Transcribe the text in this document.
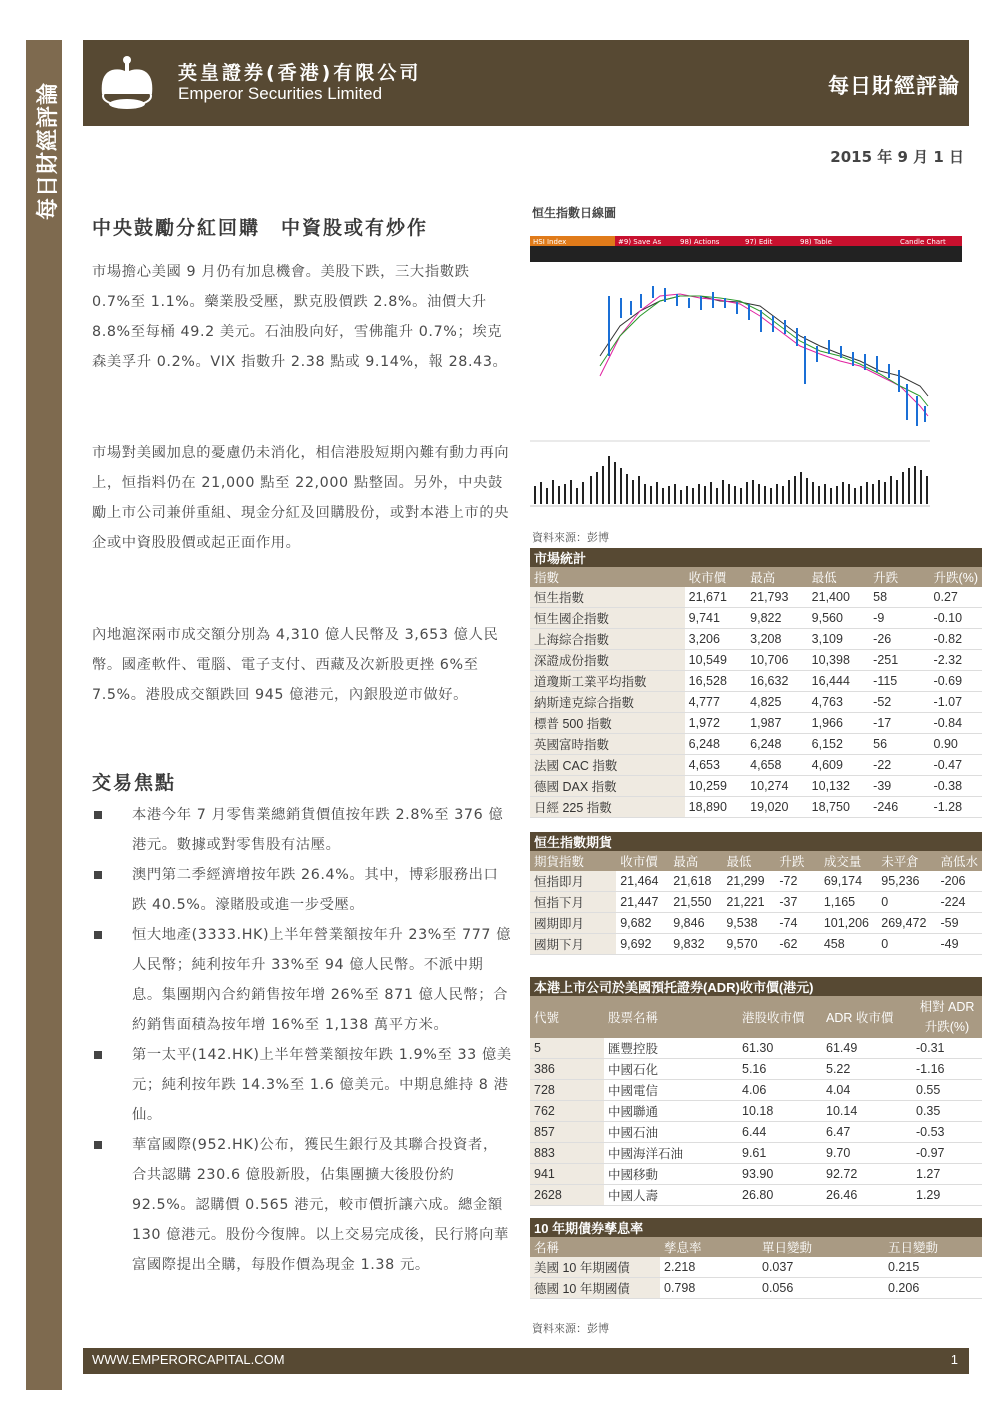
每日財經評論
英皇證券(香港)有限公司
Emperor Securities Limited	每日財經評論
2015 年 9 月 1 日
中央鼓勵分紅回購　中資股或有炒作
市場擔心美國 9 月仍有加息機會。美股下跌，三大指數跌 0.7%至 1.1%。藥業股受壓，默克股價跌 2.8%。油價大升 8.8%至每桶 49.2 美元。石油股向好，雪佛龍升 0.7%；埃克森美孚升 0.2%。VIX 指數升 2.38 點或 9.14%，報 28.43。
市場對美國加息的憂慮仍未消化，相信港股短期內難有動力再向上，恒指料仍在 21,000 點至 22,000 點整固。另外，中央鼓勵上市公司兼併重組、現金分紅及回購股份，或對本港上市的央企或中資股股價或起正面作用。
內地滬深兩市成交額分別為 4,310 億人民幣及 3,653 億人民幣。國產軟件、電腦、電子支付、西藏及次新股更挫 6%至 7.5%。港股成交額跌回 945 億港元，內銀股逆市做好。
交易焦點
本港今年 7 月零售業總銷貨價值按年跌 2.8%至 376 億港元。數據或對零售股有沽壓。
澳門第二季經濟增按年跌 26.4%。其中，博彩服務出口跌 40.5%。濠賭股或進一步受壓。
恒大地產(3333.HK)上半年營業額按年升 23%至 777 億人民幣；純利按年升 33%至 94 億人民幣。不派中期息。集團期內合約銷售按年增 26%至 871 億人民幣；合約銷售面積為按年增 16%至 1,138 萬平方米。
第一太平(142.HK)上半年營業額按年跌 1.9%至 33 億美元；純利按年跌 14.3%至 1.6 億美元。中期息維持 8 港仙。
華富國際(952.HK)公布，獲民生銀行及其聯合投資者，合共認購 230.6 億股新股，佔集團擴大後股份約 92.5%。認購價 0.565 港元，較市價折讓六成。總金額 130 億港元。股份今復牌。以上交易完成後，民行將向華富國際提出全購，每股作價為現金 1.38 元。
恒生指數日線圖
HSI Index	#9) Save As	98) Actions	97) Edit	98) Table	Candle Chart
資料來源：彭博
市場統計					
指數	收市價	最高	最低	升跌	升跌(%)
恒生指數	21,671	21,793	21,400	58	0.27
恒生國企指數	9,741	9,822	9,560	-9	-0.10
上海綜合指數	3,206	3,208	3,109	-26	-0.82
深證成份指數	10,549	10,706	10,398	-251	-2.32
道瓊斯工業平均指數	16,528	16,632	16,444	-115	-0.69
納斯達克綜合指數	4,777	4,825	4,763	-52	-1.07
標普 500 指數	1,972	1,987	1,966	-17	-0.84
英國富時指數	6,248	6,248	6,152	56	0.90
法國 CAC 指數	4,653	4,658	4,609	-22	-0.47
德國 DAX 指數	10,259	10,274	10,132	-39	-0.38
日經 225 指數	18,890	19,020	18,750	-246	-1.28
恒生指數期貨							
期貨指數	收市價	最高	最低	升跌	成交量	未平倉	高低水
恒指即月	21,464	21,618	21,299	-72	69,174	95,236	-206
恒指下月	21,447	21,550	21,221	-37	1,165	0	-224
國期即月	9,682	9,846	9,538	-74	101,206	269,472	-59
國期下月	9,692	9,832	9,570	-62	458	0	-49
本港上市公司於美國預托證券(ADR)收市價(港元)				
代號	股票名稱	港股收市價	ADR 收市價	相對 ADR
升跌(%)
5	匯豐控股	61.30	61.49	-0.31
386	中國石化	5.16	5.22	-1.16
728	中國電信	4.06	4.04	0.55
762	中國聯通	10.18	10.14	0.35
857	中國石油	6.44	6.47	-0.53
883	中國海洋石油	9.61	9.70	-0.97
941	中國移動	93.90	92.72	1.27
2628	中國人壽	26.80	26.46	1.29
10 年期債券孳息率			
名稱	孳息率	單日變動	五日變動
美國 10 年期國債	2.218	0.037	0.215
德國 10 年期國債	0.798	0.056	0.206
資料來源：彭博
WWW.EMPERORCAPITAL.COM	1
